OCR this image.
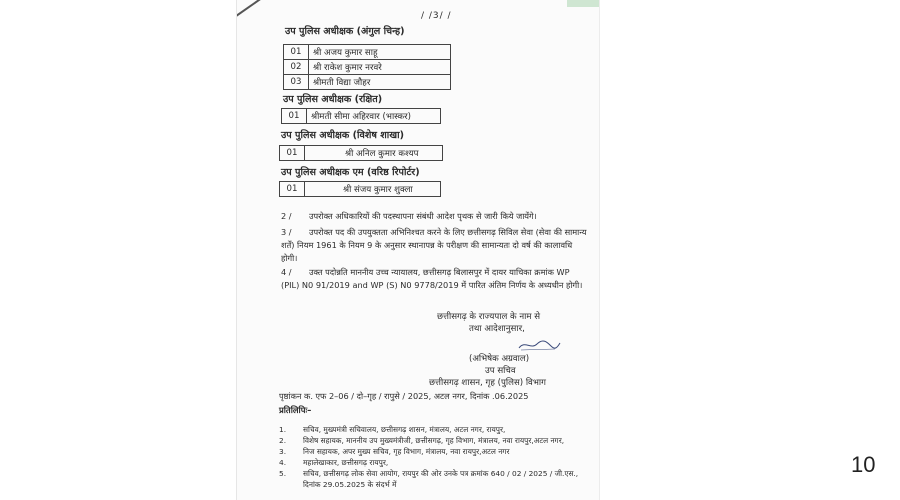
/ /3/ /
उप पुलिस अधीक्षक (अंगुल चिन्ह)
01	श्री अजय कुमार साहू
02	श्री राकेश कुमार नरवरे
03	श्रीमती विद्या जौहर
उप पुलिस अधीक्षक (रक्षित)
01	श्रीमती सीमा अहिरवार (भास्कर)
उप पुलिस अधीक्षक (विशेष शाखा)
01	श्री अनिल कुमार कश्यप
उप पुलिस अधीक्षक एम (वरिष्ठ रिपोर्टर)
01	श्री संजय कुमार शुक्ला
2 / उपरोक्त अधिकारियों की पदस्थापना संबंधी आदेश पृथक से जारी किये जायेंगे।
3 / उपरोक्त पद की उपयुक्तता अभिनिश्चत करने के लिए छत्तीसगढ़ सिविल सेवा (सेवा की सामान्य शर्तें) नियम 1961 के नियम 9 के अनुसार स्थानापन्न के परीक्षण की सामान्यतः दो वर्ष की कालावधि होगी।
4 / उक्त पदोन्नति माननीय उच्च न्यायालय, छत्तीसगढ़ बिलासपुर में दायर याचिका क्रमांक WP (PIL) N0 91/2019 and WP (S) N0 9778/2019 में पारित अंतिम निर्णय के अध्यधीन होगी।
छत्तीसगढ़ के राज्यपाल के नाम से
तथा आदेशानुसार,
(अभिषेक अग्रवाल)
उप सचिव
छत्तीसगढ़ शासन, गृह (पुलिस) विभाग
पृष्ठांकन क. एफ 2–06 / दो–गृह / रापुसे / 2025, अटल नगर, दिनांक .06.2025
प्रतिलिपिः–
1.	सचिव, मुख्यमंत्री सचिवालय, छत्तीसगढ़ शासन, मंत्रालय, अटल नगर, रायपुर,
2.	विशेष सहायक, माननीय उप मुख्यमंत्रीजी, छत्तीसगढ़, गृह विभाग, मंत्रालय, नवा रायपुर,अटल नगर,
3.	निज सहायक, अपर मुख्य सचिव, गृह विभाग, मंत्रालय, नवा रायपुर,अटल नगर
4.	महालेखाकार, छत्तीसगढ़ रायपुर,
5.	सचिव, छत्तीसगढ़ लोक सेवा आयोग, रायपुर की ओर उनके पत्र क्रमांक 640 / 02 / 2025 / जी.एस., दिनांक 29.05.2025 के संदर्भ में
10
